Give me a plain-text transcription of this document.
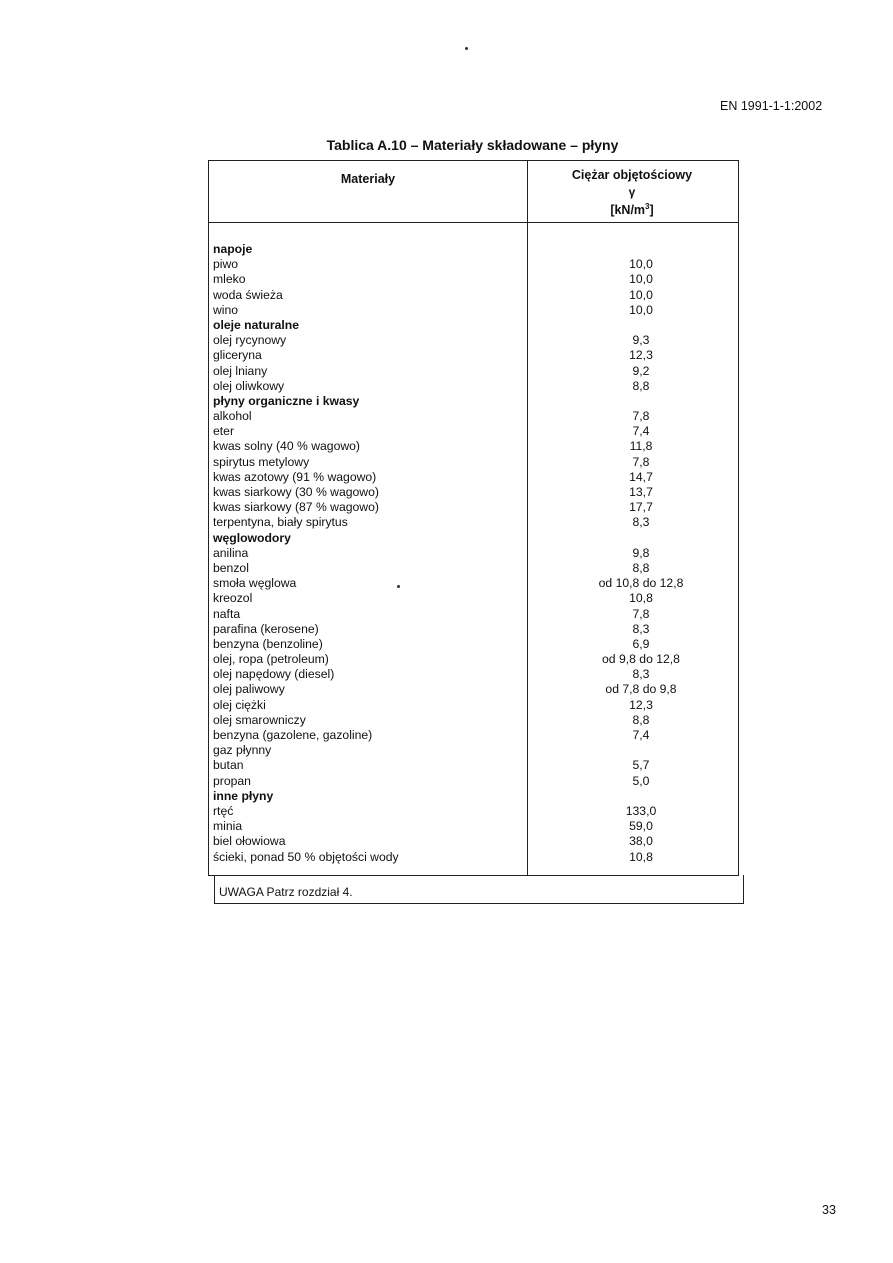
EN 1991-1-1:2002
Tablica A.10 – Materiały składowane – płyny
Materiały	Ciężar objętościowy
γ
$[kN/m^3]$
napoje
piwo	10,0
mleko	10,0
woda świeża	10,0
wino	10,0
oleje naturalne
olej rycynowy	9,3
gliceryna	12,3
olej lniany	9,2
olej oliwkowy	8,8
płyny organiczne i kwasy
alkohol	7,8
eter	7,4
kwas solny (40 % wagowo)	11,8
spirytus metylowy	7,8
kwas azotowy (91 % wagowo)	14,7
kwas siarkowy (30 % wagowo)	13,7
kwas siarkowy (87 % wagowo)	17,7
terpentyna, biały spirytus	8,3
węglowodory
anilina	9,8
benzol	8,8
smoła węglowa	od 10,8 do 12,8
kreozol	10,8
nafta	7,8
parafina (kerosene)	8,3
benzyna (benzoline)	6,9
olej, ropa (petroleum)	od 9,8 do 12,8
olej napędowy (diesel)	8,3
olej paliwowy	od 7,8 do 9,8
olej ciężki	12,3
olej smarowniczy	8,8
benzyna (gazolene, gazoline)	7,4
gaz płynny
butan	5,7
propan	5,0
inne płyny
rtęć	133,0
minia	59,0
biel ołowiowa	38,0
ścieki, ponad 50 % objętości wody	10,8
UWAGA Patrz rozdział 4.
33
